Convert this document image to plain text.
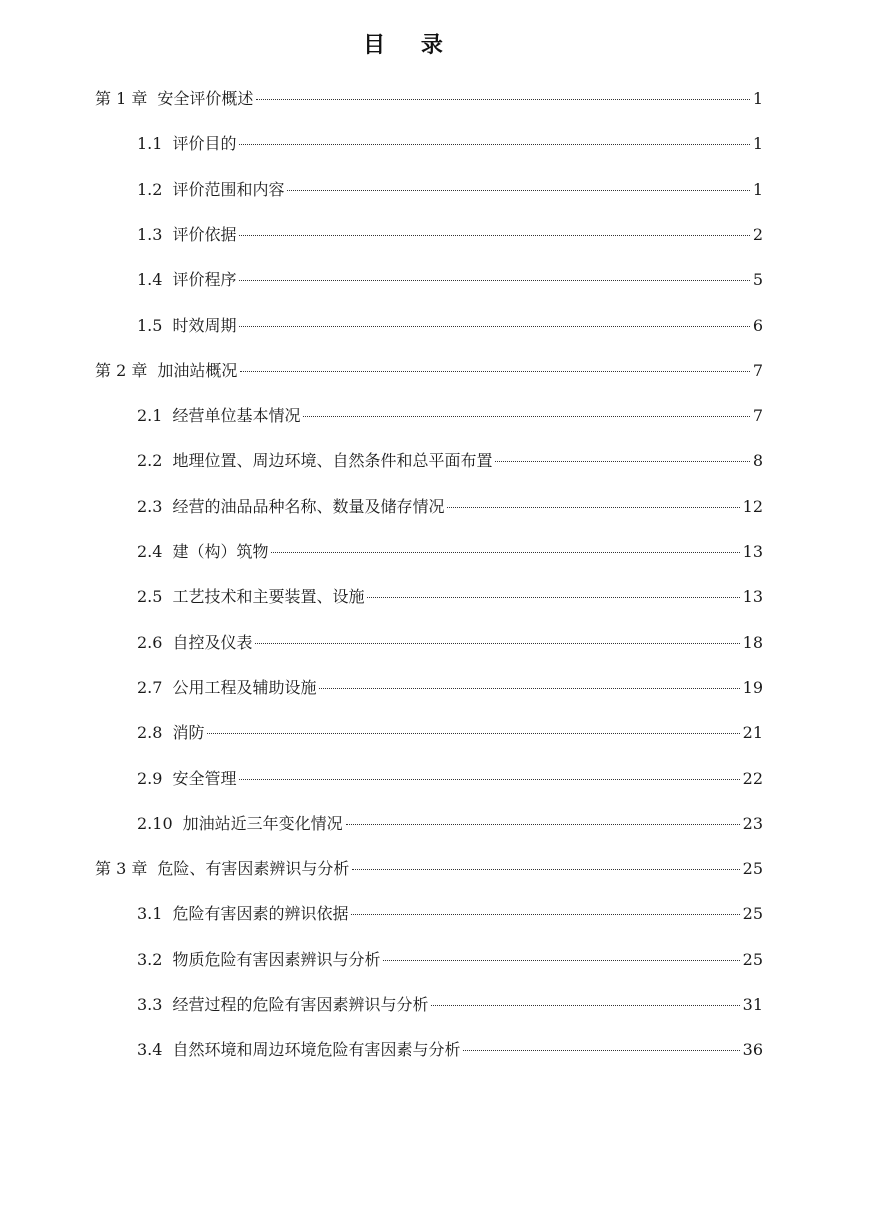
目 录
第 1 章 安全评价概述	1
1.1 评价目的	1
1.2 评价范围和内容	1
1.3 评价依据	2
1.4 评价程序	5
1.5 时效周期	6
第 2 章 加油站概况	7
2.1 经营单位基本情况	7
2.2 地理位置、周边环境、自然条件和总平面布置	8
2.3 经营的油品品种名称、数量及储存情况	12
2.4 建（构）筑物	13
2.5 工艺技术和主要装置、设施	13
2.6 自控及仪表	18
2.7 公用工程及辅助设施	19
2.8 消防	21
2.9 安全管理	22
2.10 加油站近三年变化情况	23
第 3 章 危险、有害因素辨识与分析	25
3.1 危险有害因素的辨识依据	25
3.2 物质危险有害因素辨识与分析	25
3.3 经营过程的危险有害因素辨识与分析	31
3.4 自然环境和周边环境危险有害因素与分析	36
